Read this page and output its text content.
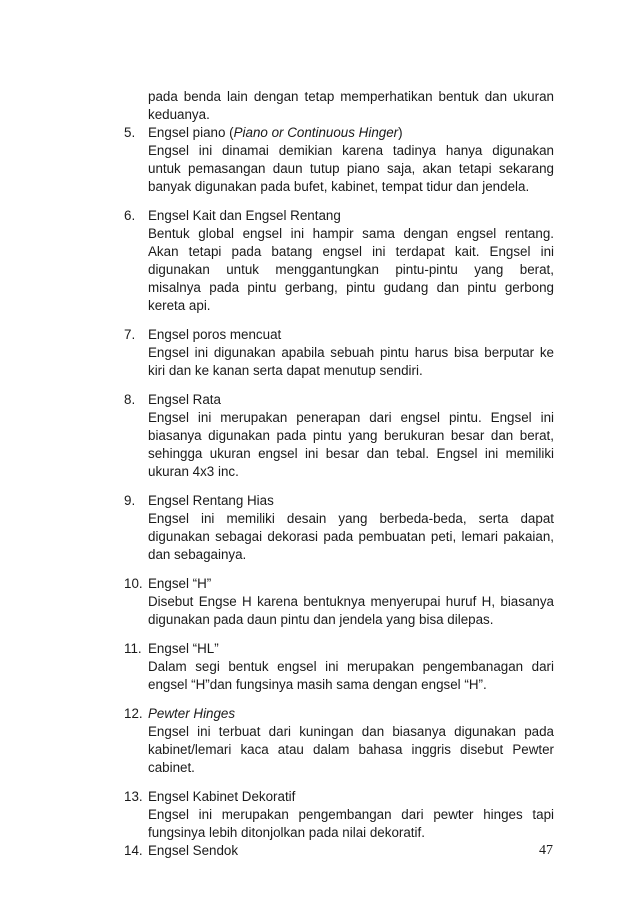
pada benda lain dengan tetap memperhatikan bentuk dan ukuran
keduanya.
5. Engsel piano (Piano or Continuous Hinger)
Engsel ini dinamai demikian karena tadinya hanya digunakan
untuk pemasangan daun tutup piano saja, akan tetapi sekarang
banyak digunakan pada bufet, kabinet, tempat tidur dan jendela.
6. Engsel Kait dan Engsel Rentang
Bentuk global engsel ini hampir sama dengan engsel rentang.
Akan tetapi pada batang engsel ini terdapat kait. Engsel ini
digunakan untuk menggantungkan pintu-pintu yang berat,
misalnya pada pintu gerbang, pintu gudang dan pintu gerbong
kereta api.
7. Engsel poros mencuat
Engsel ini digunakan apabila sebuah pintu harus bisa berputar ke
kiri dan ke kanan serta dapat menutup sendiri.
8. Engsel Rata
Engsel ini merupakan penerapan dari engsel pintu. Engsel ini
biasanya digunakan pada pintu yang berukuran besar dan berat,
sehingga ukuran engsel ini besar dan tebal. Engsel ini memiliki
ukuran 4x3 inc.
9. Engsel Rentang Hias
Engsel ini memiliki desain yang berbeda-beda, serta dapat
digunakan sebagai dekorasi pada pembuatan peti, lemari pakaian,
dan sebagainya.
10. Engsel “H”
Disebut Engse H karena bentuknya menyerupai huruf H, biasanya
digunakan pada daun pintu dan jendela yang bisa dilepas.
11. Engsel “HL”
Dalam segi bentuk engsel ini merupakan pengembanagan dari
engsel “H”dan fungsinya masih sama dengan engsel “H”.
12. Pewter Hinges
Engsel ini terbuat dari kuningan dan biasanya digunakan pada
kabinet/lemari kaca atau dalam bahasa inggris disebut Pewter
cabinet.
13. Engsel Kabinet Dekoratif
Engsel ini merupakan pengembangan dari pewter hinges tapi
fungsinya lebih ditonjolkan pada nilai dekoratif.
14. Engsel Sendok	47
